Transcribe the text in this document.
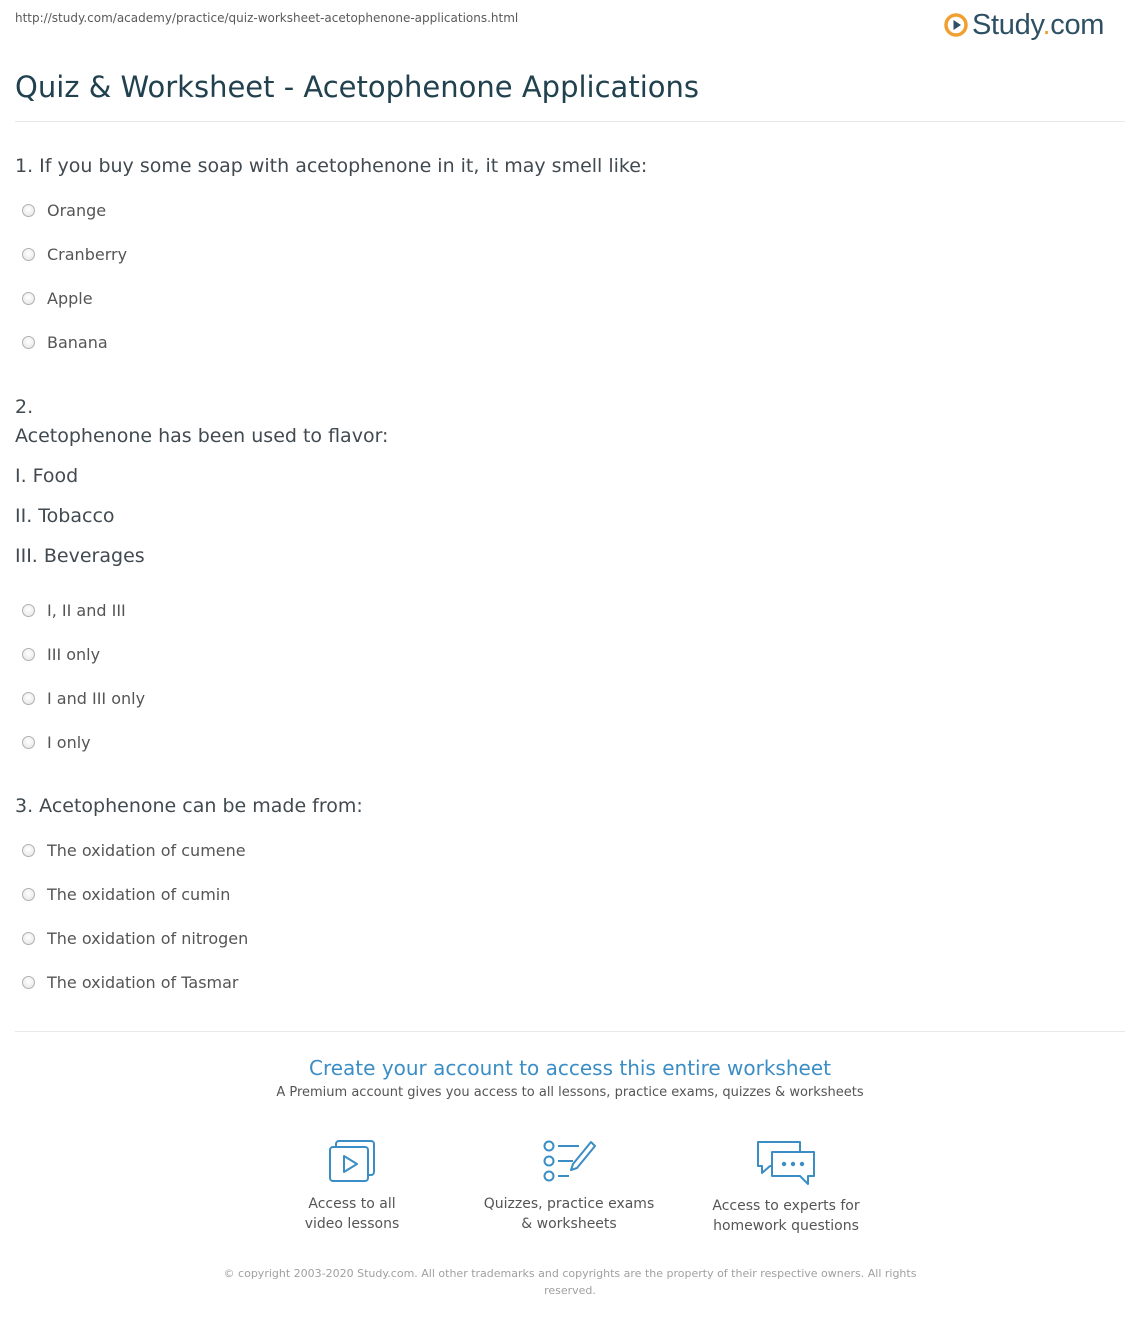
http://study.com/academy/practice/quiz-worksheet-acetophenone-applications.html	Study.com
Quiz & Worksheet - Acetophenone Applications
1. If you buy some soap with acetophenone in it, it may smell like:
Orange
Cranberry
Apple
Banana
2.
Acetophenone has been used to flavor:
I. Food
II. Tobacco
III. Beverages
I, II and III
III only
I and III only
I only
3. Acetophenone can be made from:
The oxidation of cumene
The oxidation of cumin
The oxidation of nitrogen
The oxidation of Tasmar
Create your account to access this entire worksheet
A Premium account gives you access to all lessons, practice exams, quizzes & worksheets
Access to all
video lessons
Quizzes, practice exams
& worksheets
Access to experts for
homework questions
© copyright 2003-2020 Study.com. All other trademarks and copyrights are the property of their respective owners. All rights reserved.
